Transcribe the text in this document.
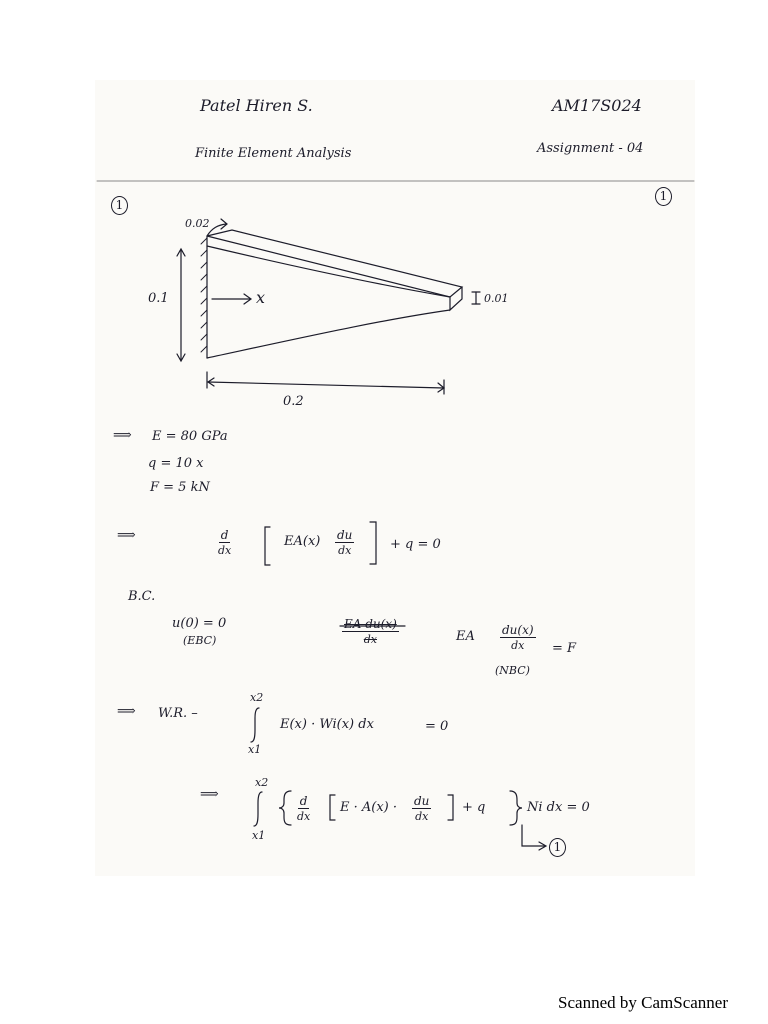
Patel Hiren S.	AM17S024
Finite Element Analysis	Assignment - 04
1
1
0.02
0.1	x	0.01
0.2
⟹ E = 80 GPa
q = 10 x
F = 5 kN
⟹	$\frac{d}{dx}$	$EA(x) \frac{du}{dx}$	+ q = 0
B.C.
u(0) = 0
(EBC)	$\frac{\text{EA du(x)}}{dx}$	EA $\frac{du(x)}{dx} = F$
(NBC)
⟹ W.R. –
x2
x1
E(x) · Wi(x) dx	= 0
⟹
x2
x1
$\frac{d}{dx}$ $E \cdot A(x) \cdot \frac{du}{dx} + q$	Ni dx = 0
1
Scanned by CamScanner
